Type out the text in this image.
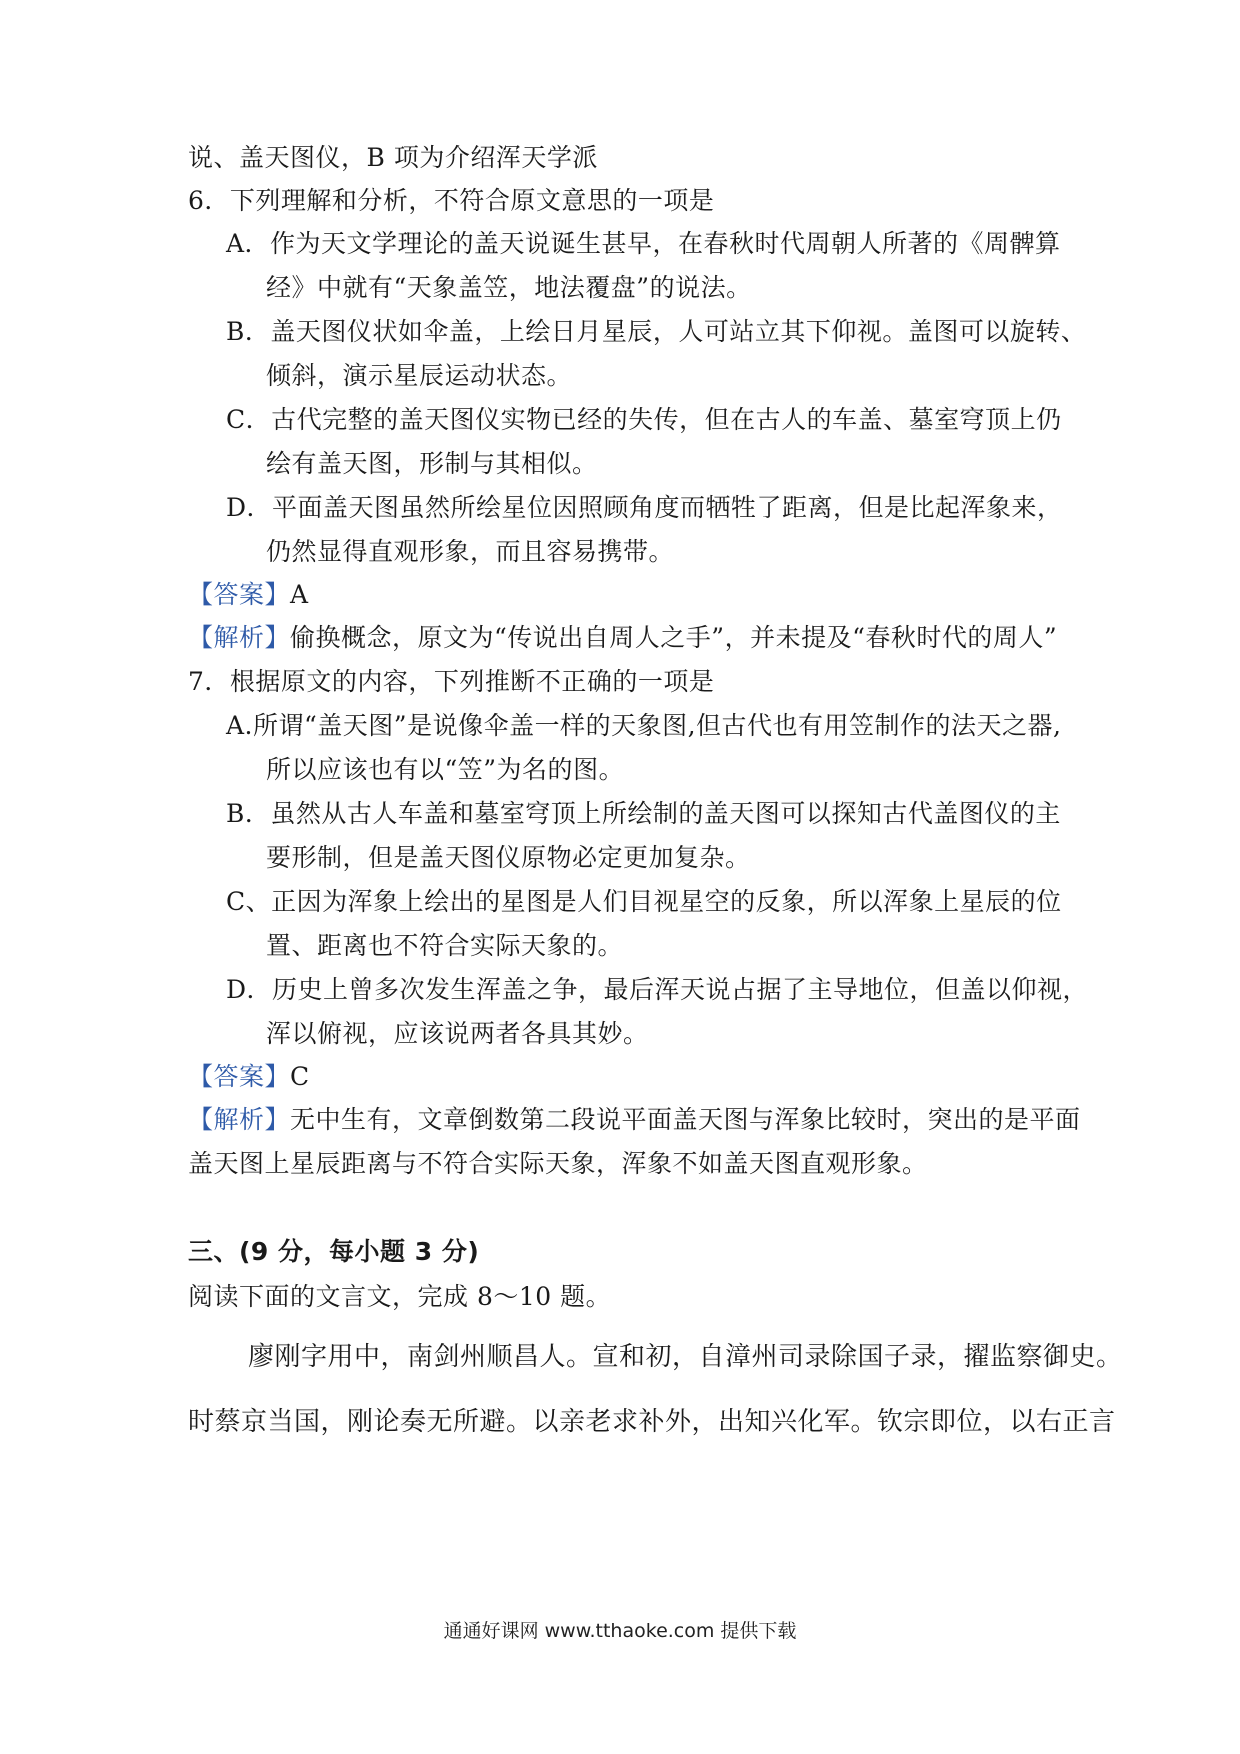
说、盖天图仪，B 项为介绍浑天学派
6．下列理解和分析，不符合原文意思的一项是
A．作为天文学理论的盖天说诞生甚早，在春秋时代周朝人所著的《周髀算
经》中就有“天象盖笠，地法覆盘”的说法。
B．盖天图仪状如伞盖，上绘日月星辰，人可站立其下仰视。盖图可以旋转、
倾斜，演示星辰运动状态。
C．古代完整的盖天图仪实物已经的失传，但在古人的车盖、墓室穹顶上仍
绘有盖天图，形制与其相似。
D．平面盖天图虽然所绘星位因照顾角度而牺牲了距离，但是比起浑象来，
仍然显得直观形象，而且容易携带。
【答案】A
【解析】偷换概念，原文为“传说出自周人之手”，并未提及“春秋时代的周人”
7．根据原文的内容，下列推断不正确的一项是
A.所谓“盖天图”是说像伞盖一样的天象图,但古代也有用笠制作的法天之器,
所以应该也有以“笠”为名的图。
B．虽然从古人车盖和墓室穹顶上所绘制的盖天图可以探知古代盖图仪的主
要形制，但是盖天图仪原物必定更加复杂。
C、正因为浑象上绘出的星图是人们目视星空的反象，所以浑象上星辰的位
置、距离也不符合实际天象的。
D．历史上曾多次发生浑盖之争，最后浑天说占据了主导地位，但盖以仰视，
浑以俯视，应该说两者各具其妙。
【答案】C
【解析】无中生有，文章倒数第二段说平面盖天图与浑象比较时，突出的是平面
盖天图上星辰距离与不符合实际天象，浑象不如盖天图直观形象。
三、(9 分，每小题 3 分)
阅读下面的文言文，完成 8～10 题。
廖刚字用中，南剑州顺昌人。宣和初，自漳州司录除国子录，擢监察御史。
时蔡京当国，刚论奏无所避。以亲老求补外，出知兴化军。钦宗即位，以右正言
通通好课网 www.tthaoke.com 提供下载
